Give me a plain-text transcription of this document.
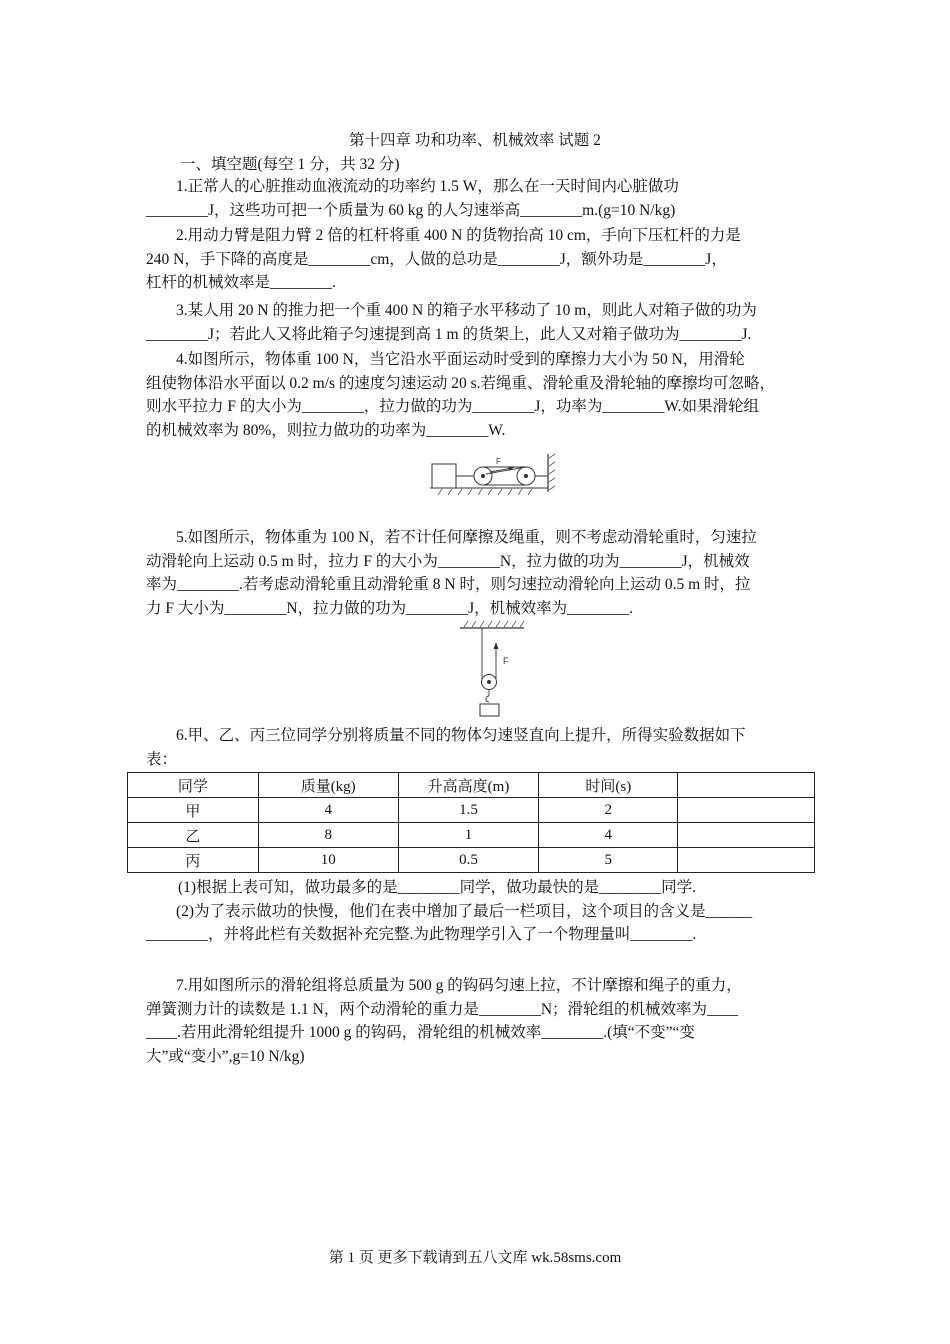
第十四章 功和功率、机械效率 试题 2
一、填空题(每空 1 分，共 32 分)

1.正常人的心脏推动血液流动的功率约 1.5 W，那么在一天时间内心脏做功

________J，这些功可把一个质量为 60 kg 的人匀速举高________m.(g=10 N/kg)

2.用动力臂是阻力臂 2 倍的杠杆将重 400 N 的货物抬高 10 cm，手向下压杠杆的力是

240 N，手下降的高度是________cm，人做的总功是________J，额外功是________J，

杠杆的机械效率是________.

3.某人用 20 N 的推力把一个重 400 N 的箱子水平移动了 10 m，则此人对箱子做的功为

________J；若此人又将此箱子匀速提到高 1 m 的货架上，此人又对箱子做功为________J.

4.如图所示，物体重 100 N，当它沿水平面运动时受到的摩擦力大小为 50 N，用滑轮

组使物体沿水平面以 0.2 m/s 的速度匀速运动 20 s.若绳重、滑轮重及滑轮轴的摩擦均可忽略，

则水平拉力 F 的大小为________，拉力做的功为________J，功率为________W.如果滑轮组

的机械效率为 80%，则拉力做功的功率为________W.

F

5.如图所示，物体重为 100 N，若不计任何摩擦及绳重，则不考虑动滑轮重时，匀速拉

动滑轮向上运动 0.5 m 时，拉力 F 的大小为________N，拉力做的功为________J，机械效

率为________.若考虑动滑轮重且动滑轮重 8 N 时，则匀速拉动滑轮向上运动 0.5 m 时，拉

力 F 大小为________N，拉力做的功为________J，机械效率为________.

F

6.甲、乙、丙三位同学分别将质量不同的物体匀速竖直向上提升，所得实验数据如下

表：

同学	质量(kg)	升高高度(m)	时间(s)	
甲	4	1.5	2	
乙	8	1	4	
丙	10	0.5	5	

(1)根据上表可知，做功最多的是________同学，做功最快的是________同学.

(2)为了表示做功的快慢，他们在表中增加了最后一栏项目，这个项目的含义是______

________，并将此栏有关数据补充完整.为此物理学引入了一个物理量叫________.

7.用如图所示的滑轮组将总质量为 500 g 的钩码匀速上拉，不计摩擦和绳子的重力，

弹簧测力计的读数是 1.1 N，两个动滑轮的重力是________N；滑轮组的机械效率为____

____.若用此滑轮组提升 1000 g 的钩码，滑轮组的机械效率________.(填“不变”“变

大”或“变小”,g=10 N/kg)

第 1 页 更多下载请到五八文库 wk.58sms.com
